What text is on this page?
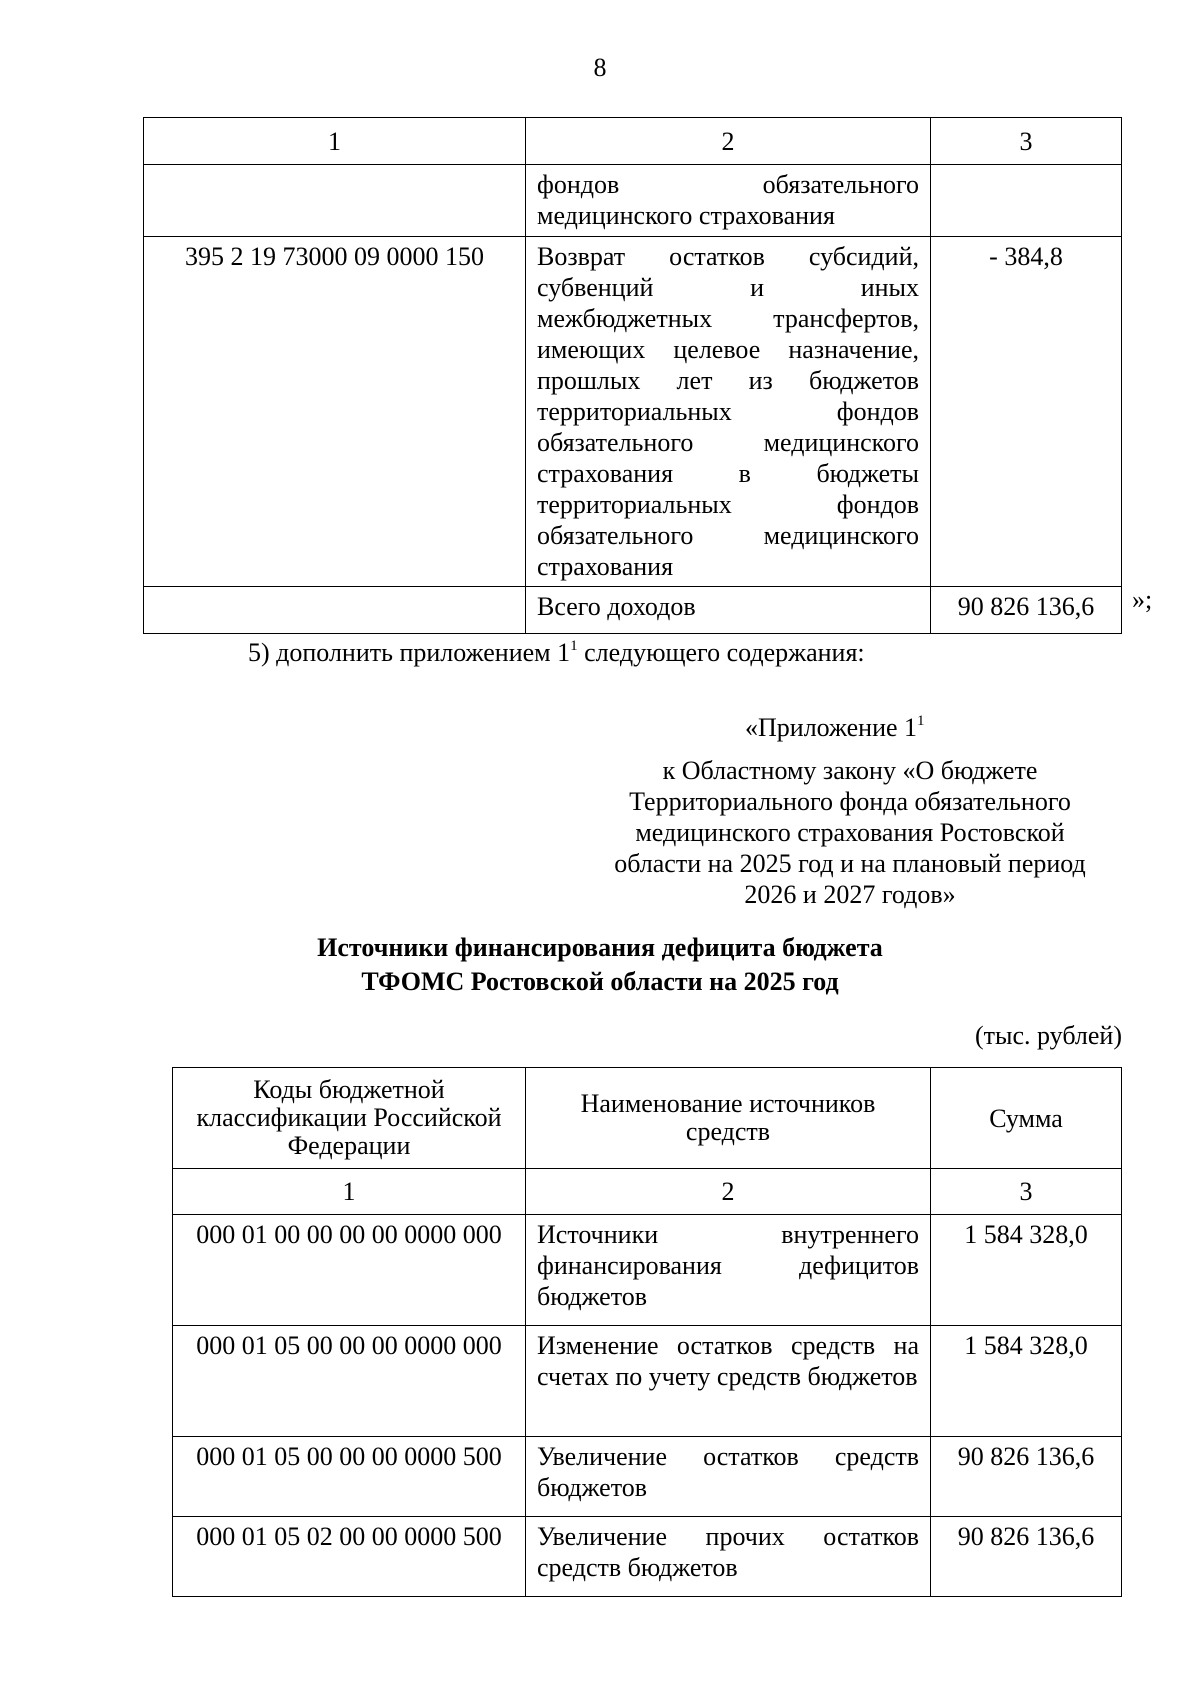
8
1	2	3
	фондов обязательного медицинского страхования	
395 2 19 73000 09 0000 150	Возврат остатков субсидий, субвенций и иных межбюджетных трансфертов, имеющих целевое назначение, прошлых лет из бюджетов территориальных фондов обязательного медицинского страхования в бюджеты территориальных фондов обязательного медицинского страхования	- 384,8
	Всего доходов	90 826 136,6 »;
5) дополнить приложением $1^1$ следующего содержания:
«Приложение $1^1$
к Областному закону «О бюджете
Территориального фонда обязательного
медицинского страхования Ростовской
области на 2025 год и на плановый период
2026 и 2027 годов»
Источники финансирования дефицита бюджета
ТФОМС Ростовской области на 2025 год
(тыс. рублей)
Коды бюджетной классификации Российской Федерации	Наименование источников средств	Сумма
1	2	3
000 01 00 00 00 00 0000 000	Источники внутреннего финансирования дефицитов бюджетов	1 584 328,0
000 01 05 00 00 00 0000 000	Изменение остатков средств на счетах по учету средств бюджетов	1 584 328,0
000 01 05 00 00 00 0000 500	Увеличение остатков средств бюджетов	90 826 136,6
000 01 05 02 00 00 0000 500	Увеличение прочих остатков средств бюджетов	90 826 136,6
